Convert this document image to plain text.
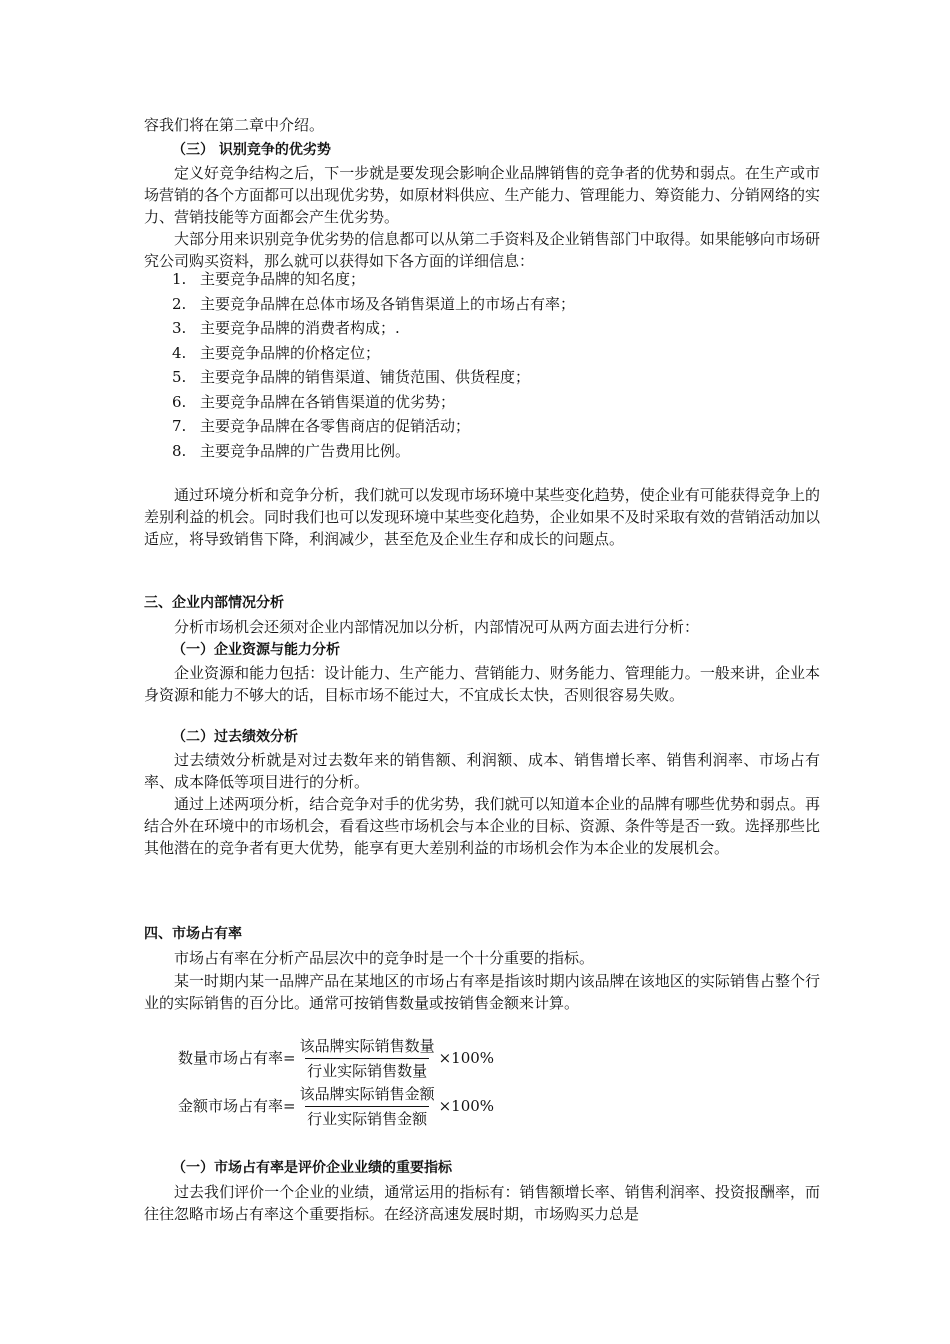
容我们将在第二章中介绍。

（三） 识别竞争的优劣势

定义好竞争结构之后，下一步就是要发现会影响企业品牌销售的竞争者的优势和弱点。在生产或市场营销的各个方面都可以出现优劣势，如原材料供应、生产能力、管理能力、筹资能力、分销网络的实力、营销技能等方面都会产生优劣势。

大部分用来识别竞争优劣势的信息都可以从第二手资料及企业销售部门中取得。如果能够向市场研究公司购买资料，那么就可以获得如下各方面的详细信息：

1. 主要竞争品牌的知名度；
2. 主要竞争品牌在总体市场及各销售渠道上的市场占有率；
3. 主要竞争品牌的消费者构成；.
4. 主要竞争品牌的价格定位；
5. 主要竞争品牌的销售渠道、铺货范围、供货程度；
6. 主要竞争品牌在各销售渠道的优劣势；
7. 主要竞争品牌在各零售商店的促销活动；
8. 主要竞争品牌的广告费用比例。

通过环境分析和竞争分析，我们就可以发现市场环境中某些变化趋势，使企业有可能获得竞争上的差别利益的机会。同时我们也可以发现环境中某些变化趋势，企业如果不及时采取有效的营销活动加以适应，将导致销售下降，利润减少，甚至危及企业生存和成长的问题点。

三、企业内部情况分析

分析市场机会还须对企业内部情况加以分析，内部情况可从两方面去进行分析：

（一）企业资源与能力分析

企业资源和能力包括：设计能力、生产能力、营销能力、财务能力、管理能力。一般来讲，企业本身资源和能力不够大的话，目标市场不能过大，不宜成长太快，否则很容易失败。

（二）过去绩效分析

过去绩效分析就是对过去数年来的销售额、利润额、成本、销售增长率、销售利润率、市场占有率、成本降低等项目进行的分析。

通过上述两项分析，结合竞争对手的优劣势，我们就可以知道本企业的品牌有哪些优势和弱点。再结合外在环境中的市场机会，看看这些市场机会与本企业的目标、资源、条件等是否一致。选择那些比其他潜在的竞争者有更大优势，能享有更大差别利益的市场机会作为本企业的发展机会。

四、市场占有率

市场占有率在分析产品层次中的竞争时是一个十分重要的指标。

某一时期内某一品牌产品在某地区的市场占有率是指该时期内该品牌在该地区的实际销售占整个行业的实际销售的百分比。通常可按销售数量或按销售金额来计算。

数量市场占有率= $\frac{\text{该品牌实际销售数量}}{\text{行业实际销售数量}} \times 100\%$
金额市场占有率= $\frac{\text{该品牌实际销售金额}}{\text{行业实际销售金额}} \times 100\%$

（一）市场占有率是评价企业业绩的重要指标

过去我们评价一个企业的业绩，通常运用的指标有：销售额增长率、销售利润率、投资报酬率，而往往忽略市场占有率这个重要指标。在经济高速发展时期，市场购买力总是
